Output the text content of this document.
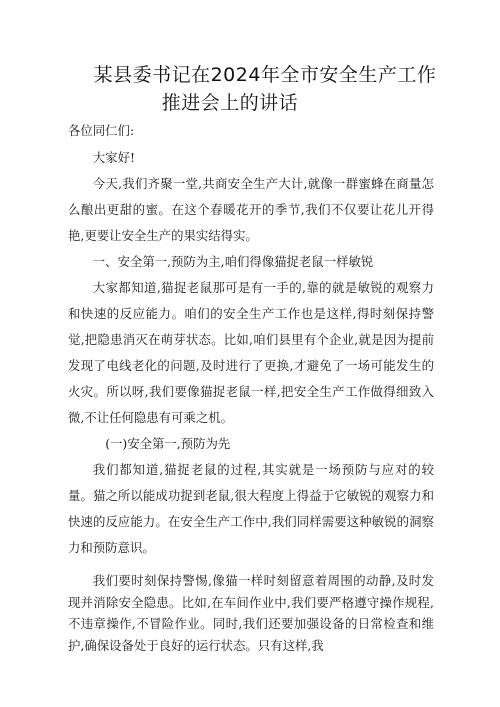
某县委书记在2024年全市安全生产工作
推进会上的讲话
各位同仁们:

大家好!

今天,我们齐聚一堂,共商安全生产大计,就像一群蜜蜂在商量怎么酿出更甜的蜜。在这个春暖花开的季节,我们不仅要让花儿开得艳,更要让安全生产的果实结得实。

一、安全第一,预防为主,咱们得像猫捉老鼠一样敏锐

大家都知道,猫捉老鼠那可是有一手的,靠的就是敏锐的观察力和快速的反应能力。咱们的安全生产工作也是这样,得时刻保持警觉,把隐患消灭在萌芽状态。比如,咱们县里有个企业,就是因为提前发现了电线老化的问题,及时进行了更换,才避免了一场可能发生的火灾。所以呀,我们要像猫捉老鼠一样,把安全生产工作做得细致入微,不让任何隐患有可乘之机。

(一)安全第一,预防为先

我们都知道,猫捉老鼠的过程,其实就是一场预防与应对的较量。猫之所以能成功捉到老鼠,很大程度上得益于它敏锐的观察力和快速的反应能力。在安全生产工作中,我们同样需要这种敏锐的洞察力和预防意识。

我们要时刻保持警惕,像猫一样时刻留意着周围的动静,及时发现并消除安全隐患。比如,在车间作业中,我们要严格遵守操作规程,不违章操作,不冒险作业。同时,我们还要加强设备的日常检查和维护,确保设备处于良好的运行状态。只有这样,我
